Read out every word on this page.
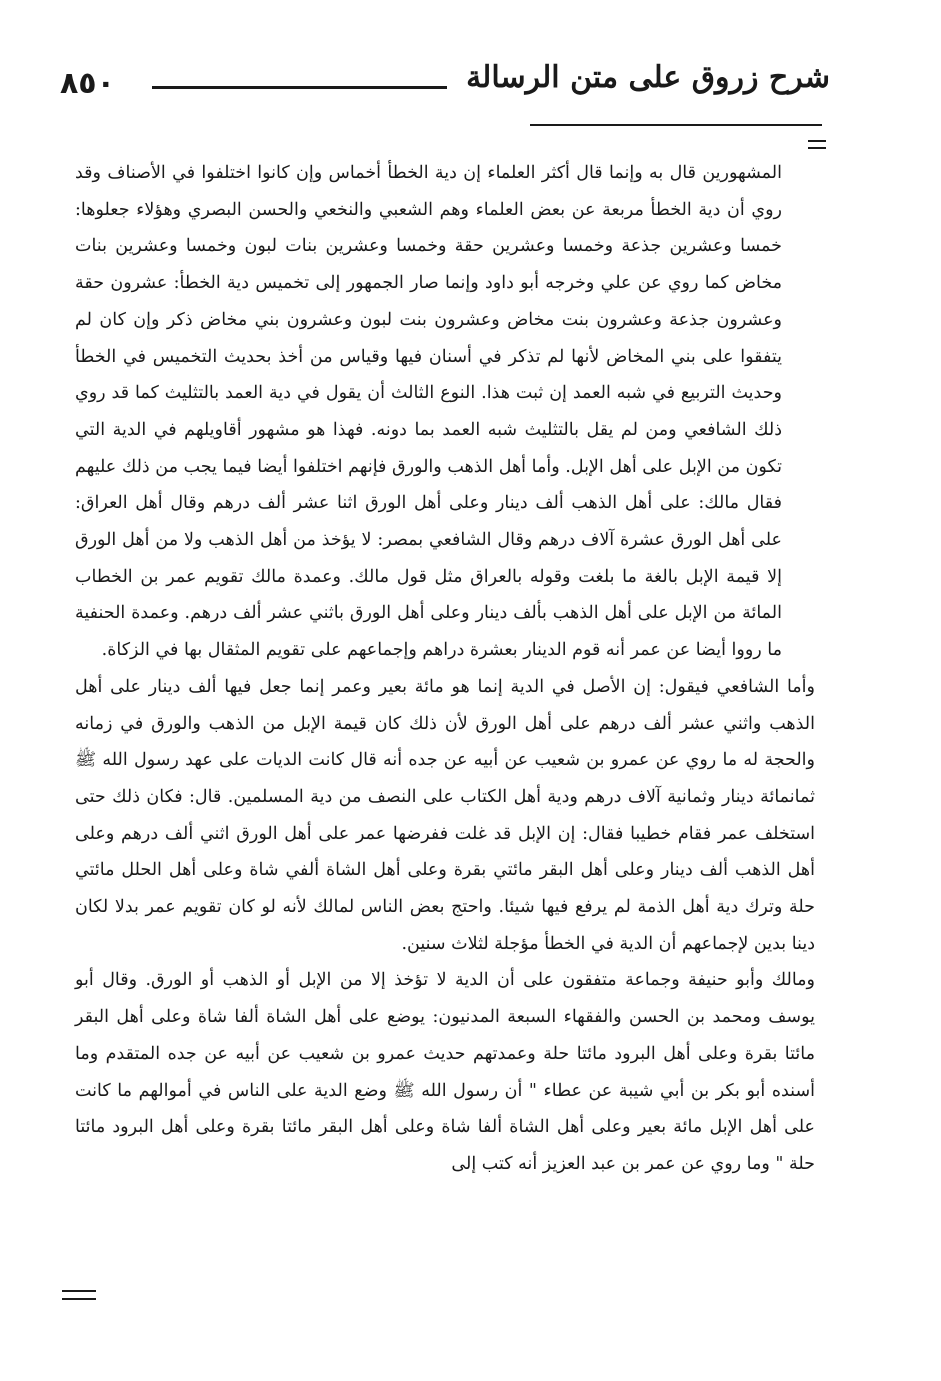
٨٥٠	شرح زروق على متن الرسالة

المشهورين قال به وإنما قال أكثر العلماء إن دية الخطأ أخماس وإن كانوا اختلفوا في الأصناف وقد روي أن دية الخطأ مربعة عن بعض العلماء وهم الشعبي والنخعي والحسن البصري وهؤلاء جعلوها: خمسا وعشرين جذعة وخمسا وعشرين حقة وخمسا وعشرين بنات لبون وخمسا وعشرين بنات مخاض كما روي عن علي وخرجه أبو داود وإنما صار الجمهور إلى تخميس دية الخطأ: عشرون حقة وعشرون جذعة وعشرون بنت مخاض وعشرون بنت لبون وعشرون بني مخاض ذكر وإن كان لم يتفقوا على بني المخاض لأنها لم تذكر في أسنان فيها وقياس من أخذ بحديث التخميس في الخطأ وحديث التربيع في شبه العمد إن ثبت هذا. النوع الثالث أن يقول في دية العمد بالتثليث كما قد روي ذلك الشافعي ومن لم يقل بالتثليث شبه العمد بما دونه. فهذا هو مشهور أقاويلهم في الدية التي تكون من الإبل على أهل الإبل. وأما أهل الذهب والورق فإنهم اختلفوا أيضا فيما يجب من ذلك عليهم فقال مالك: على أهل الذهب ألف دينار وعلى أهل الورق اثنا عشر ألف درهم وقال أهل العراق: على أهل الورق عشرة آلاف درهم وقال الشافعي بمصر: لا يؤخذ من أهل الذهب ولا من أهل الورق إلا قيمة الإبل بالغة ما بلغت وقوله بالعراق مثل قول مالك. وعمدة مالك تقويم عمر بن الخطاب المائة من الإبل على أهل الذهب بألف دينار وعلى أهل الورق باثني عشر ألف درهم. وعمدة الحنفية ما رووا أيضا عن عمر أنه قوم الدينار بعشرة دراهم وإجماعهم على تقويم المثقال بها في الزكاة.

وأما الشافعي فيقول: إن الأصل في الدية إنما هو مائة بعير وعمر إنما جعل فيها ألف دينار على أهل الذهب واثني عشر ألف درهم على أهل الورق لأن ذلك كان قيمة الإبل من الذهب والورق في زمانه والحجة له ما روي عن عمرو بن شعيب عن أبيه عن جده أنه قال كانت الديات على عهد رسول الله ﷺ ثمانمائة دينار وثمانية آلاف درهم ودية أهل الكتاب على النصف من دية المسلمين. قال: فكان ذلك حتى استخلف عمر فقام خطيبا فقال: إن الإبل قد غلت ففرضها عمر على أهل الورق اثني ألف درهم وعلى أهل الذهب ألف دينار وعلى أهل البقر مائتي بقرة وعلى أهل الشاة ألفي شاة وعلى أهل الحلل مائتي حلة وترك دية أهل الذمة لم يرفع فيها شيئا. واحتج بعض الناس لمالك لأنه لو كان تقويم عمر بدلا لكان دينا بدين لإجماعهم أن الدية في الخطأ مؤجلة لثلاث سنين.

ومالك وأبو حنيفة وجماعة متفقون على أن الدية لا تؤخذ إلا من الإبل أو الذهب أو الورق. وقال أبو يوسف ومحمد بن الحسن والفقهاء السبعة المدنيون: يوضع على أهل الشاة ألفا شاة وعلى أهل البقر مائتا بقرة وعلى أهل البرود مائتا حلة وعمدتهم حديث عمرو بن شعيب عن أبيه عن جده المتقدم وما أسنده أبو بكر بن أبي شيبة عن عطاء " أن رسول الله ﷺ وضع الدية على الناس في أموالهم ما كانت على أهل الإبل مائة بعير وعلى أهل الشاة ألفا شاة وعلى أهل البقر مائتا بقرة وعلى أهل البرود مائتا حلة " وما روي عن عمر بن عبد العزيز أنه كتب إلى
